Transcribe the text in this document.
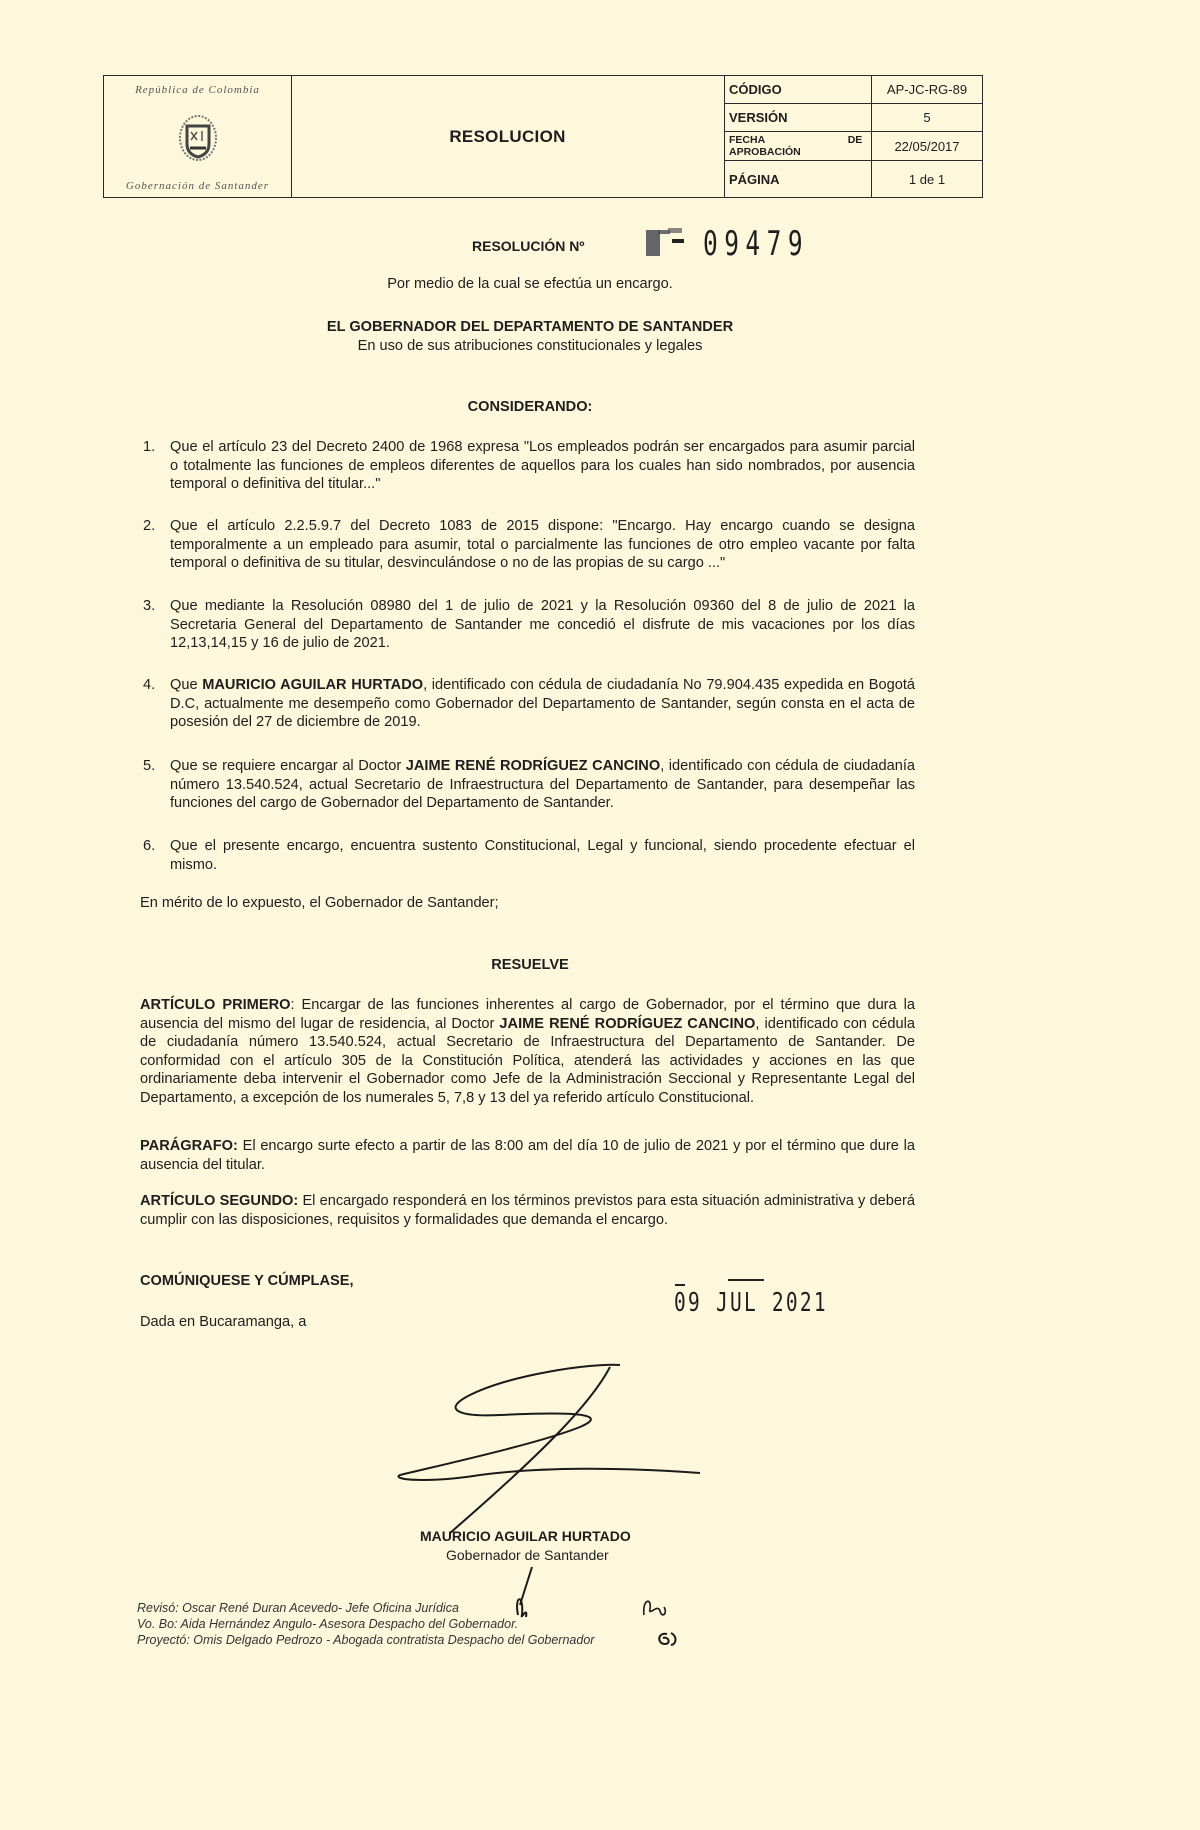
República de Colombia
Gobernación de Santander
RESOLUCION
CÓDIGO	AP-JC-RG-89
VERSIÓN	5
FECHA DE APROBACIÓN	22/05/2017
PÁGINA	1 de 1
RESOLUCIÓN Nº	09479
Por medio de la cual se efectúa un encargo.
EL GOBERNADOR DEL DEPARTAMENTO DE SANTANDER
En uso de sus atribuciones constitucionales y legales
CONSIDERANDO:
1. Que el artículo 23 del Decreto 2400 de 1968 expresa "Los empleados podrán ser encargados para asumir parcial o totalmente las funciones de empleos diferentes de aquellos para los cuales han sido nombrados, por ausencia temporal o definitiva del titular..."
2. Que el artículo 2.2.5.9.7 del Decreto 1083 de 2015 dispone: "Encargo. Hay encargo cuando se designa temporalmente a un empleado para asumir, total o parcialmente las funciones de otro empleo vacante por falta temporal o definitiva de su titular, desvinculándose o no de las propias de su cargo ..."
3. Que mediante la Resolución 08980 del 1 de julio de 2021 y la Resolución 09360 del 8 de julio de 2021 la Secretaria General del Departamento de Santander me concedió el disfrute de mis vacaciones por los días 12,13,14,15 y 16 de julio de 2021.
4. Que MAURICIO AGUILAR HURTADO, identificado con cédula de ciudadanía No 79.904.435 expedida en Bogotá D.C, actualmente me desempeño como Gobernador del Departamento de Santander, según consta en el acta de posesión del 27 de diciembre de 2019.
5. Que se requiere encargar al Doctor JAIME RENÉ RODRÍGUEZ CANCINO, identificado con cédula de ciudadanía número 13.540.524, actual Secretario de Infraestructura del Departamento de Santander, para desempeñar las funciones del cargo de Gobernador del Departamento de Santander.
6. Que el presente encargo, encuentra sustento Constitucional, Legal y funcional, siendo procedente efectuar el mismo.
En mérito de lo expuesto, el Gobernador de Santander;
RESUELVE
ARTÍCULO PRIMERO: Encargar de las funciones inherentes al cargo de Gobernador, por el término que dura la ausencia del mismo del lugar de residencia, al Doctor JAIME RENÉ RODRÍGUEZ CANCINO, identificado con cédula de ciudadanía número 13.540.524, actual Secretario de Infraestructura del Departamento de Santander. De conformidad con el artículo 305 de la Constitución Política, atenderá las actividades y acciones en las que ordinariamente deba intervenir el Gobernador como Jefe de la Administración Seccional y Representante Legal del Departamento, a excepción de los numerales 5, 7,8 y 13 del ya referido artículo Constitucional.
PARÁGRAFO: El encargo surte efecto a partir de las 8:00 am del día 10 de julio de 2021 y por el término que dure la ausencia del titular.
ARTÍCULO SEGUNDO: El encargado responderá en los términos previstos para esta situación administrativa y deberá cumplir con las disposiciones, requisitos y formalidades que demanda el encargo.
COMÚNIQUESE Y CÚMPLASE,
Dada en Bucaramanga, a
09 JUL 2021
MAURICIO AGUILAR HURTADO
Gobernador de Santander
Revisó: Oscar René Duran Acevedo- Jefe Oficina Jurídica
Vo. Bo: Aida Hernández Angulo- Asesora Despacho del Gobernador.
Proyectó: Omis Delgado Pedrozo - Abogada contratista Despacho del Gobernador
